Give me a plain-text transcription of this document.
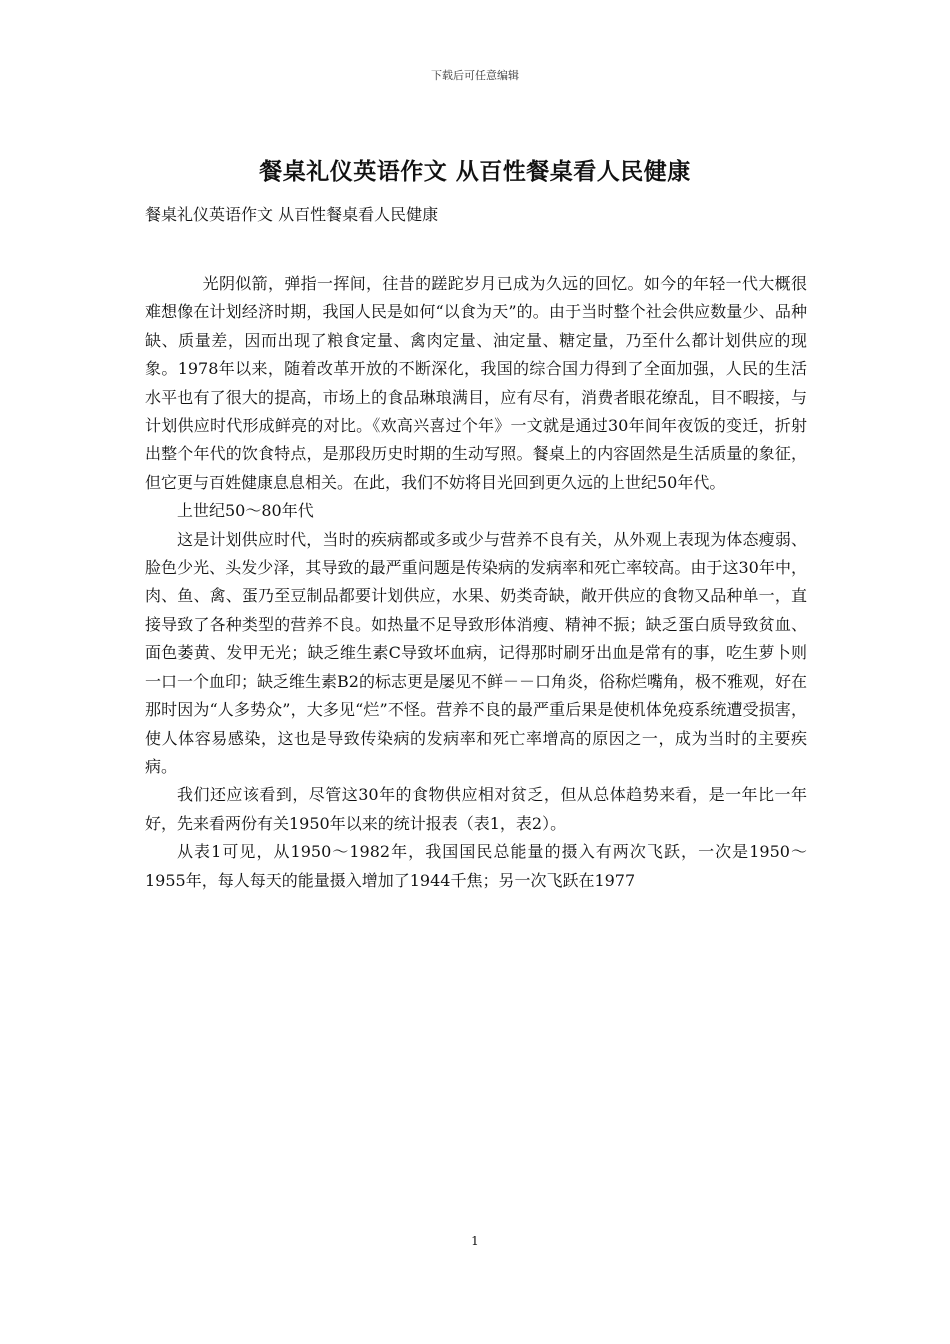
下载后可任意编辑
餐桌礼仪英语作文 从百性餐桌看人民健康
餐桌礼仪英语作文 从百性餐桌看人民健康

光阴似箭，弹指一挥间，往昔的蹉跎岁月已成为久远的回忆。如今的年轻一代大概很难想像在计划经济时期，我国人民是如何“以食为天”的。由于当时整个社会供应数量少、品种缺、质量差，因而出现了粮食定量、禽肉定量、油定量、糖定量，乃至什么都计划供应的现象。1978年以来，随着改革开放的不断深化，我国的综合国力得到了全面加强，人民的生活水平也有了很大的提高，市场上的食品琳琅满目，应有尽有，消费者眼花缭乱，目不暇接，与计划供应时代形成鲜亮的对比。《欢高兴喜过个年》一文就是通过30年间年夜饭的变迁，折射出整个年代的饮食特点，是那段历史时期的生动写照。餐桌上的内容固然是生活质量的象征，但它更与百姓健康息息相关。在此，我们不妨将目光回到更久远的上世纪50年代。

上世纪50～80年代

这是计划供应时代，当时的疾病都或多或少与营养不良有关，从外观上表现为体态瘦弱、脸色少光、头发少泽，其导致的最严重问题是传染病的发病率和死亡率较高。由于这30年中，肉、鱼、禽、蛋乃至豆制品都要计划供应，水果、奶类奇缺，敞开供应的食物又品种单一，直接导致了各种类型的营养不良。如热量不足导致形体消瘦、精神不振；缺乏蛋白质导致贫血、面色萎黄、发甲无光；缺乏维生素C导致坏血病，记得那时刷牙出血是常有的事，吃生萝卜则一口一个血印；缺乏维生素B2的标志更是屡见不鲜－－口角炎，俗称烂嘴角，极不雅观，好在那时因为“人多势众”，大多见“烂”不怪。营养不良的最严重后果是使机体免疫系统遭受损害，使人体容易感染，这也是导致传染病的发病率和死亡率增高的原因之一，成为当时的主要疾病。

我们还应该看到，尽管这30年的食物供应相对贫乏，但从总体趋势来看，是一年比一年好，先来看两份有关1950年以来的统计报表（表1，表2）。

从表1可见，从1950～1982年，我国国民总能量的摄入有两次飞跃，一次是1950～1955年，每人每天的能量摄入增加了1944千焦；另一次飞跃在1977

1
